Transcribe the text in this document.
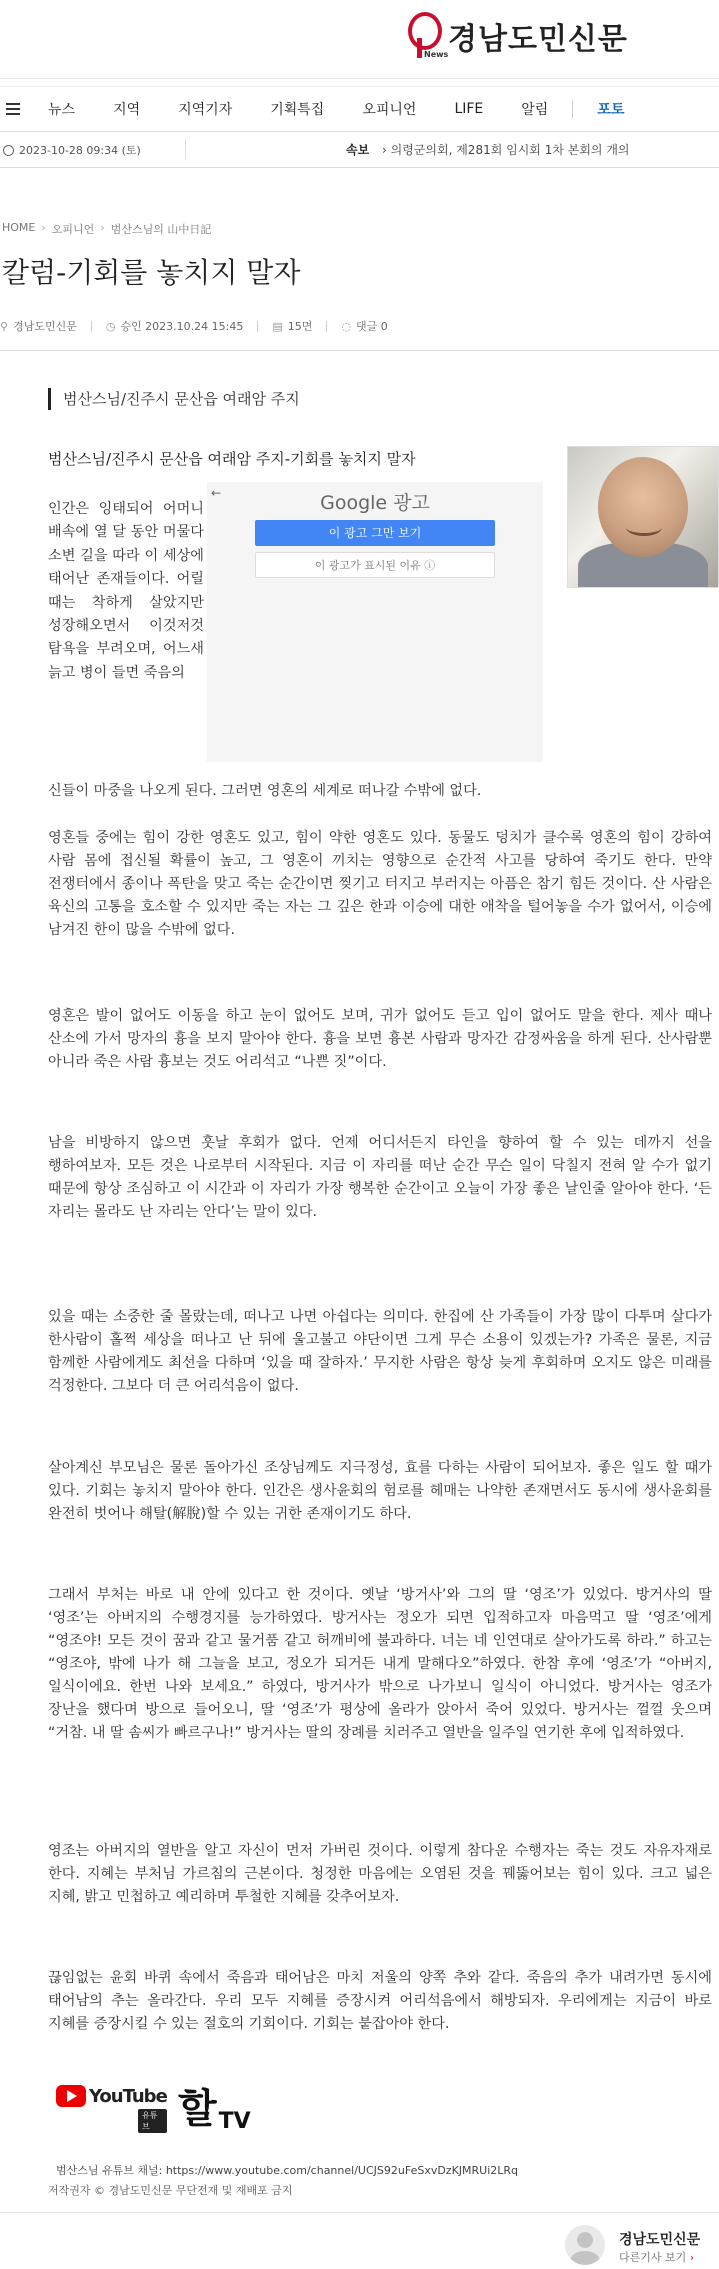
News 경남도민신문
뉴스	지역	지역기자	기획특집	오피니언	LIFE	알림	포토
2023-10-28 09:34 (토)	속보 › 의령군의회, 제281회 임시회 1차 본회의 개의
HOME › 오피니언 › 범산스님의 山中日記
칼럼-기회를 놓치지 말자
⚲ 경남도민신문	◷ 승인 2023.10.24 15:45	▤ 15면	◌ 댓글 0
범산스님/진주시 문산읍 여래암 주지
범산스님/진주시 문산읍 여래암 주지-기회를 놓치지 말자

인간은 잉태되어 어머니 배속에 열 달 동안 머물다 소변 길을 따라 이 세상에 태어난 존재들이다. 어릴 때는 착하게 살았지만 성장해오면서 이것저것 탐욕을 부려오며, 어느새 늙고 병이 들면 죽음의

←	Google 광고
이 광고 그만 보기
이 광고가 표시된 이유 ⓘ

신들이 마중을 나오게 된다. 그러면 영혼의 세계로 떠나갈 수밖에 없다.

영혼들 중에는 힘이 강한 영혼도 있고, 힘이 약한 영혼도 있다. 동물도 덩치가 클수록 영혼의 힘이 강하여 사람 몸에 접신될 확률이 높고, 그 영혼이 끼치는 영향으로 순간적 사고를 당하여 죽기도 한다. 만약 전쟁터에서 종이나 폭탄을 맞고 죽는 순간이면 찢기고 터지고 부러지는 아픔은 참기 힘든 것이다. 산 사람은 육신의 고통을 호소할 수 있지만 죽는 자는 그 깊은 한과 이승에 대한 애착을 털어놓을 수가 없어서, 이승에 남겨진 한이 많을 수밖에 없다.

영혼은 발이 없어도 이동을 하고 눈이 없어도 보며, 귀가 없어도 듣고 입이 없어도 말을 한다. 제사 때나 산소에 가서 망자의 흉을 보지 말아야 한다. 흉을 보면 흉본 사람과 망자간 감정싸움을 하게 된다. 산사람뿐 아니라 죽은 사람 흉보는 것도 어리석고 “나쁜 짓”이다.

남을 비방하지 않으면 훗날 후회가 없다. 언제 어디서든지 타인을 향하여 할 수 있는 데까지 선을 행하여보자. 모든 것은 나로부터 시작된다. 지금 이 자리를 떠난 순간 무슨 일이 닥칠지 전혀 알 수가 없기 때문에 항상 조심하고 이 시간과 이 자리가 가장 행복한 순간이고 오늘이 가장 좋은 날인줄 알아야 한다. ‘든 자리는 몰라도 난 자리는 안다’는 말이 있다.

있을 때는 소중한 줄 몰랐는데, 떠나고 나면 아쉽다는 의미다. 한집에 산 가족들이 가장 많이 다투며 살다가 한사람이 홀쩍 세상을 떠나고 난 뒤에 울고불고 야단이면 그게 무슨 소용이 있겠는가? 가족은 물론, 지금 함께한 사람에게도 최선을 다하며 ‘있을 때 잘하자.’ 무지한 사람은 항상 늦게 후회하며 오지도 않은 미래를 걱정한다. 그보다 더 큰 어리석음이 없다.

살아계신 부모님은 물론 돌아가신 조상님께도 지극정성, 효를 다하는 사람이 되어보자. 좋은 일도 할 때가 있다. 기회는 놓치지 말아야 한다. 인간은 생사윤회의 험로를 헤매는 나약한 존재면서도 동시에 생사윤회를 완전히 벗어나 해탈(解脫)할 수 있는 귀한 존재이기도 하다.

그래서 부처는 바로 내 안에 있다고 한 것이다. 옛날 ‘방거사’와 그의 딸 ‘영조’가 있었다. 방거사의 딸 ‘영조’는 아버지의 수행경지를 능가하였다. 방거사는 정오가 되면 입적하고자 마음먹고 딸 ‘영조’에게 “영조야! 모든 것이 꿈과 같고 물거품 같고 허깨비에 불과하다. 너는 네 인연대로 살아가도록 하라.” 하고는 “영조야, 밖에 나가 해 그늘을 보고, 정오가 되거든 내게 말해다오”하였다. 한참 후에 ‘영조’가 “아버지, 일식이에요. 한번 나와 보세요.” 하였다, 방거사가 밖으로 나가보니 일식이 아니었다. 방거사는 영조가 장난을 했다며 방으로 들어오니, 딸 ‘영조’가 평상에 올라가 앉아서 죽어 있었다. 방거사는 껄껄 웃으며 “거참. 내 딸 솜씨가 빠르구나!” 방거사는 딸의 장례를 치러주고 열반을 일주일 연기한 후에 입적하였다.

영조는 아버지의 열반을 알고 자신이 먼저 가버린 것이다. 이렇게 참다운 수행자는 죽는 것도 자유자재로 한다. 지혜는 부처님 가르침의 근본이다. 청정한 마음에는 오염된 것을 꿰뚫어보는 힘이 있다. 크고 넓은 지혜, 밝고 민첩하고 예리하며 투철한 지혜를 갖추어보자.

끊임없는 윤회 바퀴 속에서 죽음과 태어남은 마치 저울의 양쪽 추와 같다. 죽음의 추가 내려가면 동시에 태어남의 추는 올라간다. 우리 모두 지혜를 증장시켜 어리석음에서 해방되자. 우리에게는 지금이 바로 지혜를 증장시킬 수 있는 절호의 기회이다. 기회는 붙잡아야 한다.

YouTube
유튜브 할 TV
범산스님 유튜브 채널: https://www.youtube.com/channel/UCJS92uFeSxvDzKJMRUi2LRq
저작권자 © 경남도민신문 무단전재 및 재배포 금지
경남도민신문
다른기사 보기 ›
